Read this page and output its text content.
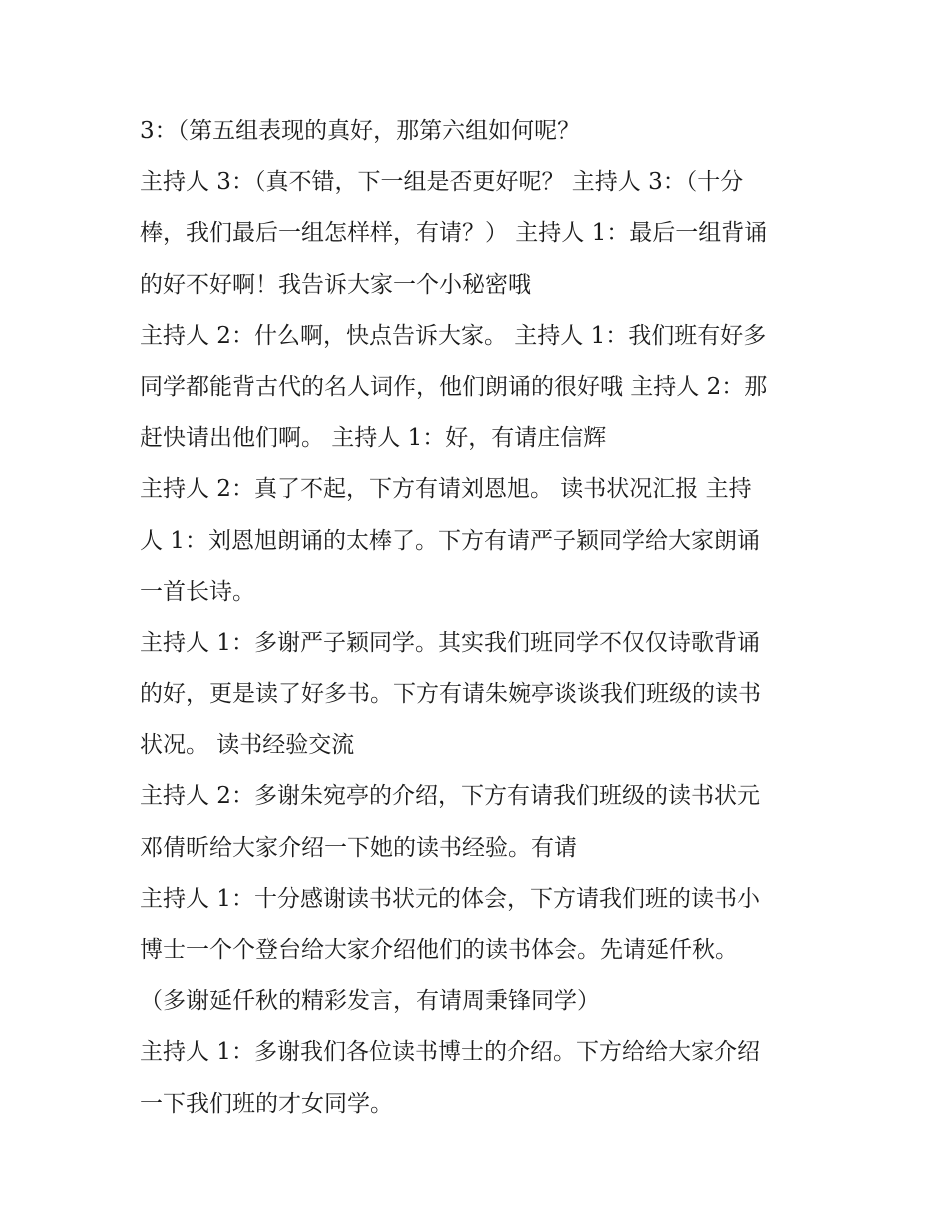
3：（第五组表现的真好，那第六组如何呢？
主持人 3：（真不错，下一组是否更好呢？ 主持人 3：（十分
棒，我们最后一组怎样样，有请？） 主持人 1：最后一组背诵
的好不好啊！我告诉大家一个小秘密哦
主持人 2：什么啊，快点告诉大家。 主持人 1：我们班有好多
同学都能背古代的名人词作，他们朗诵的很好哦 主持人 2：那
赶快请出他们啊。 主持人 1：好，有请庄信辉
主持人 2：真了不起，下方有请刘恩旭。 读书状况汇报 主持
人 1：刘恩旭朗诵的太棒了。下方有请严子颖同学给大家朗诵
一首长诗。
主持人 1：多谢严子颖同学。其实我们班同学不仅仅诗歌背诵
的好，更是读了好多书。下方有请朱婉亭谈谈我们班级的读书
状况。 读书经验交流
主持人 2：多谢朱宛亭的介绍，下方有请我们班级的读书状元
邓倩昕给大家介绍一下她的读书经验。有请
主持人 1：十分感谢读书状元的体会，下方请我们班的读书小
博士一个个登台给大家介绍他们的读书体会。先请延仟秋。
（多谢延仟秋的精彩发言，有请周秉锋同学）
主持人 1：多谢我们各位读书博士的介绍。下方给给大家介绍
一下我们班的才女同学。
